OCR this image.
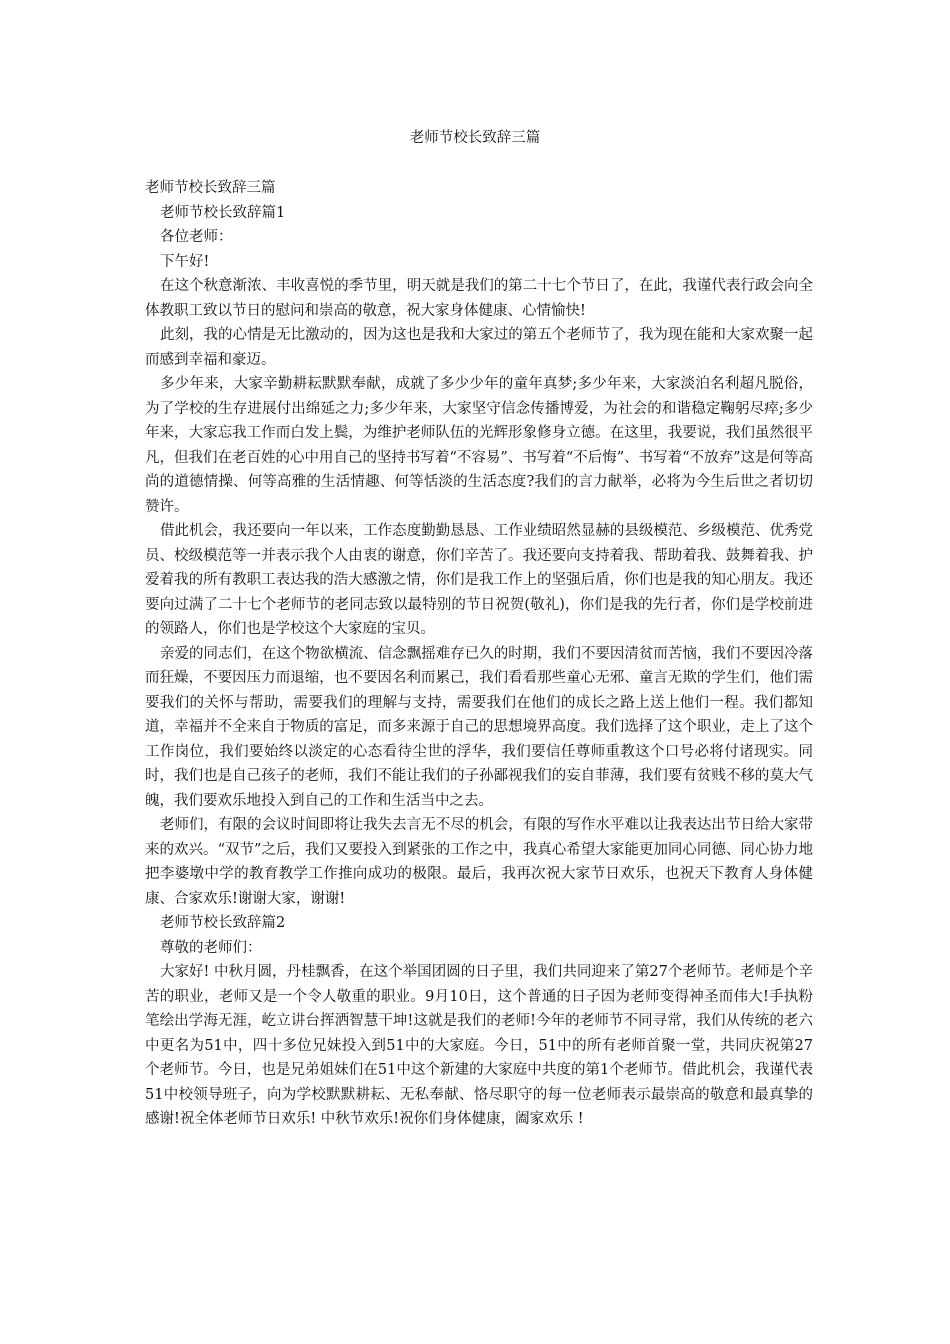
老师节校长致辞三篇

老师节校长致辞三篇

老师节校长致辞篇1

各位老师：

下午好!

在这个秋意渐浓、丰收喜悦的季节里，明天就是我们的第二十七个节日了，在此，我谨代表行政会向全体教职工致以节日的慰问和崇高的敬意，祝大家身体健康、心情愉快!

此刻，我的心情是无比激动的，因为这也是我和大家过的第五个老师节了，我为现在能和大家欢聚一起而感到幸福和豪迈。

多少年来，大家辛勤耕耘默默奉献，成就了多少少年的童年真梦;多少年来，大家淡泊名利超凡脱俗，为了学校的生存进展付出绵延之力;多少年来，大家坚守信念传播博爱，为社会的和谐稳定鞠躬尽瘁;多少年来，大家忘我工作而白发上鬓，为维护老师队伍的光辉形象修身立德。在这里，我要说，我们虽然很平凡，但我们在老百姓的心中用自己的坚持书写着“不容易”、书写着“不后悔”、书写着“不放弃”这是何等高尚的道德情操、何等高雅的生活情趣、何等恬淡的生活态度?我们的言力献举，必将为今生后世之者切切赞许。

借此机会，我还要向一年以来，工作态度勤勤恳恳、工作业绩昭然显赫的县级模范、乡级模范、优秀党员、校级模范等一并表示我个人由衷的谢意，你们辛苦了。我还要向支持着我、帮助着我、鼓舞着我、护爱着我的所有教职工表达我的浩大感激之情，你们是我工作上的坚强后盾，你们也是我的知心朋友。我还要向过满了二十七个老师节的老同志致以最特别的节日祝贺(敬礼)，你们是我的先行者，你们是学校前进的领路人，你们也是学校这个大家庭的宝贝。

亲爱的同志们，在这个物欲横流、信念飘摇难存已久的时期，我们不要因清贫而苦恼，我们不要因冷落而狂燥，不要因压力而退缩，也不要因名利而累己，我们看看那些童心无邪、童言无欺的学生们，他们需要我们的关怀与帮助，需要我们的理解与支持，需要我们在他们的成长之路上送上他们一程。我们都知道，幸福并不全来自于物质的富足，而多来源于自己的思想境界高度。我们选择了这个职业，走上了这个工作岗位，我们要始终以淡定的心态看待尘世的浮华，我们要信任尊师重教这个口号必将付诸现实。同时，我们也是自己孩子的老师，我们不能让我们的子孙鄙视我们的妄自菲薄，我们要有贫贱不移的莫大气魄，我们要欢乐地投入到自己的工作和生活当中之去。

老师们，有限的会议时间即将让我失去言无不尽的机会，有限的写作水平难以让我表达出节日给大家带来的欢兴。“双节”之后，我们又要投入到紧张的工作之中，我真心希望大家能更加同心同德、同心协力地把李婆墩中学的教育教学工作推向成功的极限。最后，我再次祝大家节日欢乐，也祝天下教育人身体健康、合家欢乐!谢谢大家，谢谢!

老师节校长致辞篇2

尊敬的老师们：

大家好! 中秋月圆，丹桂飘香，在这个举国团圆的日子里，我们共同迎来了第27个老师节。老师是个辛苦的职业，老师又是一个令人敬重的职业。9月10日，这个普通的日子因为老师变得神圣而伟大!手执粉笔绘出学海无涯，屹立讲台挥洒智慧干坤!这就是我们的老师!今年的老师节不同寻常，我们从传统的老六中更名为51中，四十多位兄妹投入到51中的大家庭。今日，51中的所有老师首聚一堂，共同庆祝第27个老师节。今日，也是兄弟姐妹们在51中这个新建的大家庭中共度的第1个老师节。借此机会，我谨代表51中校领导班子，向为学校默默耕耘、无私奉献、恪尽职守的每一位老师表示最崇高的敬意和最真挚的感谢!祝全体老师节日欢乐! 中秋节欢乐!祝你们身体健康，阖家欢乐 !
